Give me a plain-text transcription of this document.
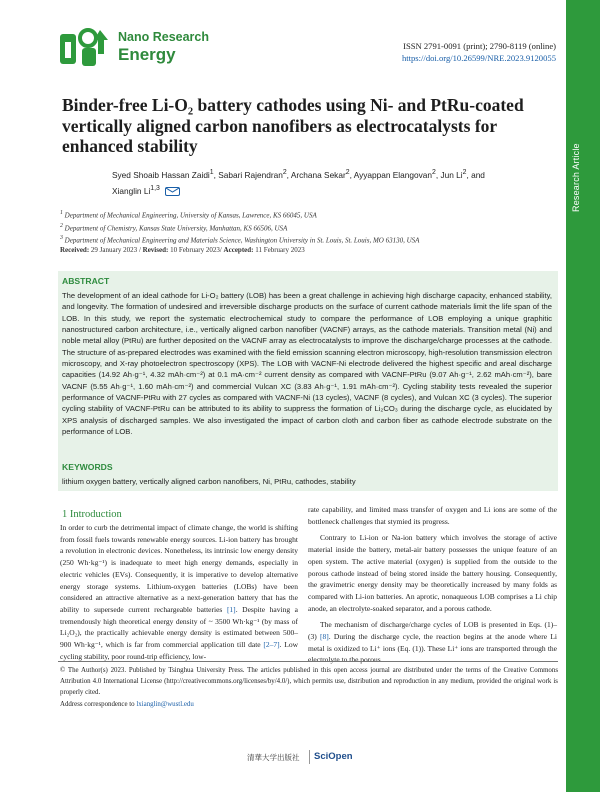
Nano Research
Energy	ISSN 2791-0091 (print); 2790-8119 (online)
https://doi.org/10.26599/NRE.2023.9120055
Research Article
Binder-free Li-O₂ battery cathodes using Ni- and PtRu-coated vertically aligned carbon nanofibers as electrocatalysts for enhanced stability
Syed Shoaib Hassan Zaidi$^1$, Sabari Rajendran$^2$, Archana Sekar$^2$, Ayyappan Elangovan$^2$, Jun Li$^2$, and
Xianglin Li$^{1,3}$
$^1$ Department of Mechanical Engineering, University of Kansas, Lawrence, KS 66045, USA
$^2$ Department of Chemistry, Kansas State University, Manhattan, KS 66506, USA
$^3$ Department of Mechanical Engineering and Materials Science, Washington University in St. Louis, St. Louis, MO 63130, USA
Received: 29 January 2023 / Revised: 10 February 2023/ Accepted: 11 February 2023
ABSTRACT
The development of an ideal cathode for Li-O₂ battery (LOB) has been a great challenge in achieving high discharge capacity, enhanced stability, and longevity. The formation of undesired and irreversible discharge products on the surface of current cathode materials limit the life span of the LOB. In this study, we report the systematic electrochemical study to compare the performance of LOB employing a unique graphitic nanostructured carbon architecture, i.e., vertically aligned carbon nanofiber (VACNF) arrays, as the cathode materials. Transition metal (Ni) and noble metal alloy (PtRu) are further deposited on the VACNF array as electrocatalysts to improve the discharge/charge processes at the cathode. The structure of as-prepared electrodes was examined with the field emission scanning electron microscopy, high-resolution transmission electron microscopy, and X-ray photoelectron spectroscopy (XPS). The LOB with VACNF-Ni electrode delivered the highest specific and areal discharge capacities (14.92 Ah·g⁻¹, 4.32 mAh·cm⁻²) at 0.1 mA·cm⁻² current density as compared with VACNF-PtRu (9.07 Ah·g⁻¹, 2.62 mAh·cm⁻²), bare VACNF (5.55 Ah·g⁻¹, 1.60 mAh·cm⁻²) and commercial Vulcan XC (3.83 Ah·g⁻¹, 1.91 mAh·cm⁻²). Cycling stability tests revealed the superior performance of VACNF-PtRu with 27 cycles as compared with VACNF-Ni (13 cycles), VACNF (8 cycles), and Vulcan XC (3 cycles). The superior cycling stability of VACNF-PtRu can be attributed to its ability to suppress the formation of Li₂CO₃ during the discharge cycle, as elucidated by XPS analysis of discharged samples. We also investigated the impact of carbon cloth and carbon fiber as cathode electrode substrate on the performance of LOB.
KEYWORDS
lithium oxygen battery, vertically aligned carbon nanofibers, Ni, PtRu, cathodes, stability
1 Introduction

In order to curb the detrimental impact of climate change, the world is shifting from fossil fuels towards renewable energy sources. Li-ion battery has brought a revolution in electronic devices. Nonetheless, its intrinsic low energy density (250 Wh·kg⁻¹) is inadequate to meet high energy demands, especially in electric vehicles (EVs). Consequently, it is imperative to develop alternative energy storage systems. Lithium-oxygen batteries (LOBs) have been considered an attractive alternative as a next-generation battery that has the ability to supersede current rechargeable batteries [1]. Despite having a tremendously high theoretical energy density of ~ 3500 Wh·kg⁻¹ (by mass of Li₂O₂), the practically achievable energy density is estimated between 500–900 Wh·kg⁻¹, which is far from commercial application till date [2–7]. Low cycling stability, poor round-trip efficiency, low-

rate capability, and limited mass transfer of oxygen and Li ions are some of the bottleneck challenges that stymied its progress.

Contrary to Li-ion or Na-ion battery which involves the storage of active material inside the battery, metal-air battery possesses the unique feature of an open system. The active material (oxygen) is supplied from the outside to the porous cathode instead of being stored inside the battery housing. Consequently, the gravimetric energy density may be theoretically increased by many folds as compared with Li-ion batteries. An aprotic, nonaqueous LOB comprises a Li chip anode, an electrolyte-soaked separator, and a porous cathode.

The mechanism of discharge/charge cycles of LOB is presented in Eqs. (1)–(3) [8]. During the discharge cycle, the reaction begins at the anode where Li metal is oxidized to Li⁺ ions (Eq. (1)). These Li⁺ ions are transported through the electrolyte to the porous

© The Author(s) 2023. Published by Tsinghua University Press. The articles published in this open access journal are distributed under the terms of the Creative Commons Attribution 4.0 International License (http://creativecommons.org/licenses/by/4.0/), which permits use, distribution and reproduction in any medium, provided the original work is properly cited.
Address correspondence to lxianglin@wustl.edu
清華大学出版社 SciOpen
